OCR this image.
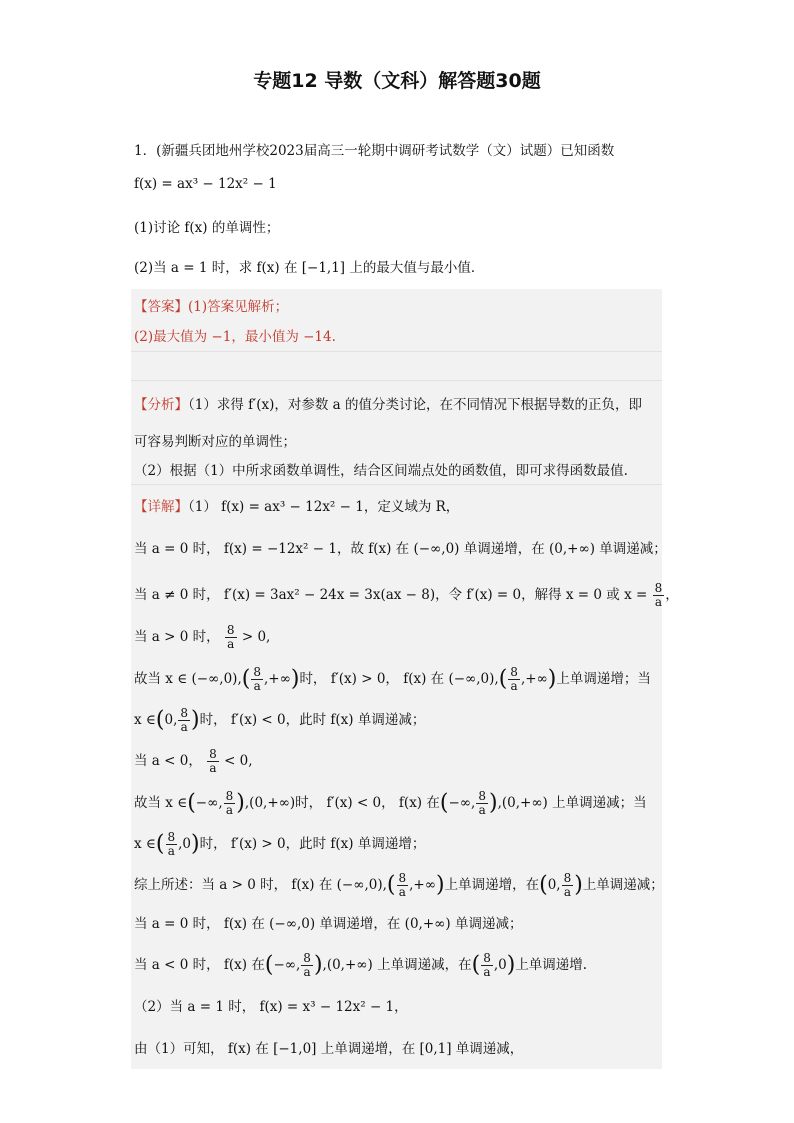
专题12 导数（文科）解答题30题
1．(新疆兵团地州学校2023届高三一轮期中调研考试数学（文）试题）已知函数
f(x) = ax³ − 12x² − 1
(1)讨论 f(x) 的单调性；
(2)当 a = 1 时，求 f(x) 在 [−1,1] 上的最大值与最小值．
【答案】(1)答案见解析；
(2)最大值为 −1，最小值为 −14.
【分析】（1）求得 f′(x)，对参数 a 的值分类讨论，在不同情况下根据导数的正负，即
可容易判断对应的单调性；
（2）根据（1）中所求函数单调性，结合区间端点处的函数值，即可求得函数最值.
【详解】（1） f(x) = ax³ − 12x² − 1，定义域为 R，
当 a = 0 时， f(x) = −12x² − 1，故 f(x) 在 (−∞,0) 单调递增，在 (0,+∞) 单调递减；
当 a ≠ 0 时， f′(x) = 3ax² − 24x = 3x(ax − 8)，令 f′(x) = 0，解得 x = 0 或 $x = \frac{8}{a}$ ，
当 a > 0 时， $\frac{8}{a} > 0$,
故当 x ∈ $(-\infty,0),( \frac{8}{a}$ ,+∞)时， f′(x) > 0， f(x) 在 $(-\infty,0),( \frac{8}{a}$ ,+∞)上单调递增；当
x ∈(0, $\frac{8}{a}$ )时， f′(x) < 0，此时 f(x) 单调递减；
当 a < 0， $\frac{8}{a} < 0$,
故当 x ∈(−∞, $\frac{8}{a} ),(0,+\infty)$时， f′(x) < 0， f(x) 在(−∞, $\frac{8}{a} ),(0,+\infty)$ 上单调递减；当
x ∈( $\frac{8}{a} ,0$)时， f′(x) > 0，此时 f(x) 单调递增；
综上所述：当 a > 0 时， f(x) 在 $(-\infty,0),( \frac{8}{a}$ ,+∞)上单调递增，在(0, $\frac{8}{a}$ )上单调递减；
当 a = 0 时， f(x) 在 (−∞,0) 单调递增，在 (0,+∞) 单调递减；
当 a < 0 时， f(x) 在(−∞, $\frac{8}{a} ),(0,+\infty)$ 上单调递减，在( $\frac{8}{a} ,0$)上单调递增.
（2）当 a = 1 时， f(x) = x³ − 12x² − 1，
由（1）可知， f(x) 在 [−1,0] 上单调递增，在 [0,1] 单调递减，
